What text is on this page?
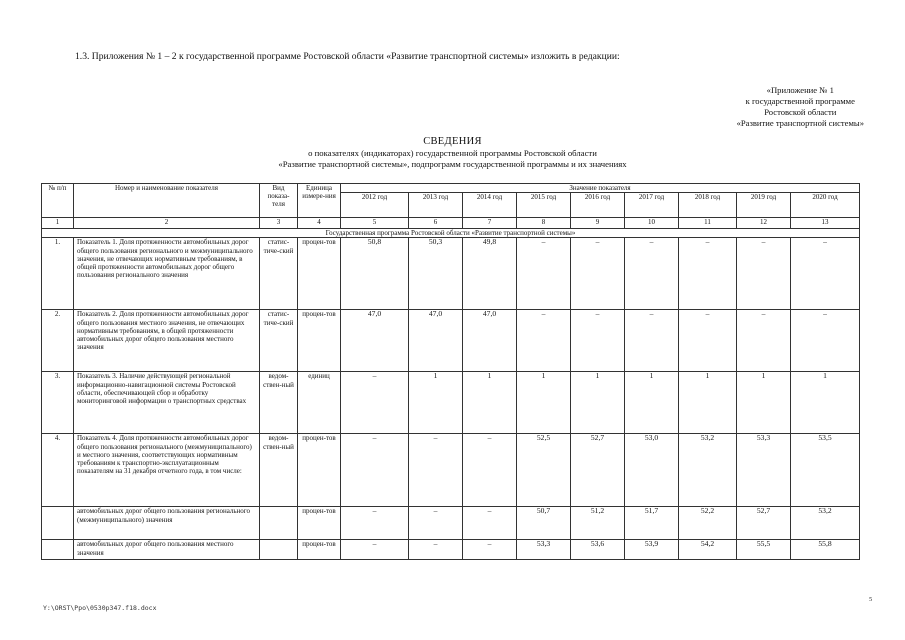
1.3. Приложения № 1 – 2 к государственной программе Ростовской области «Развитие транспортной системы» изложить в редакции:
«Приложение № 1
к государственной программе
Ростовской области
«Развитие транспортной системы»
СВЕДЕНИЯ
о показателях (индикаторах) государственной программы Ростовской области
«Развитие транспортной системы», подпрограмм государственной программы и их значениях
№ п/п	Номер и наименование показателя	Вид показа-теля	Единица измере-ния	Значение показателя								
				2012 год	2013 год	2014 год	2015 год	2016 год	2017 год	2018 год	2019 год	2020 год
1	2	3	4	5	6	7	8	9	10	11	12	13
Государственная программа Ростовской области «Развитие транспортной системы»												
1.	Показатель 1. Доля протяженности автомобильных дорог общего пользования регионального и межмуниципального значения, не отвечающих нормативным требованиям, в общей протяженности автомобильных дорог общего пользования регионального значения	статис-тиче-ский	процен-тов	50,8	50,3	49,8	–	–	–	–	–	–
2.	Показатель 2. Доля протяженности автомобильных дорог общего пользования местного значения, не отвечающих нормативным требованиям, в общей протяженности автомобильных дорог общего пользования местного значения	статис-тиче-ский	процен-тов	47,0	47,0	47,0	–	–	–	–	–	–
3.	Показатель 3. Наличие действующей региональной информационно-навигационной системы Ростовской области, обеспечивающей сбор и обработку мониторинговой информации о транспортных средствах	ведом-ствен-ный	единиц	–	1	1	1	1	1	1	1	1
4.	Показатель 4. Доля протяженности автомобильных дорог общего пользования регионального (межмуниципального) и местного значения, соответствующих нормативным требованиям к транспортно-эксплуатационным показателям на 31 декабря отчетного года, в том числе:	ведом-ствен-ный	процен-тов	–	–	–	52,5	52,7	53,0	53,2	53,3	53,5
	автомобильных дорог общего пользования регионального (межмуниципального) значения		процен-тов	–	–	–	50,7	51,2	51,7	52,2	52,7	53,2
	автомобильных дорог общего пользования местного значения		процен-тов	–	–	–	53,3	53,6	53,9	54,2	55,5	55,8
Y:\ORST\Ppo\0530p347.f18.docx
5
